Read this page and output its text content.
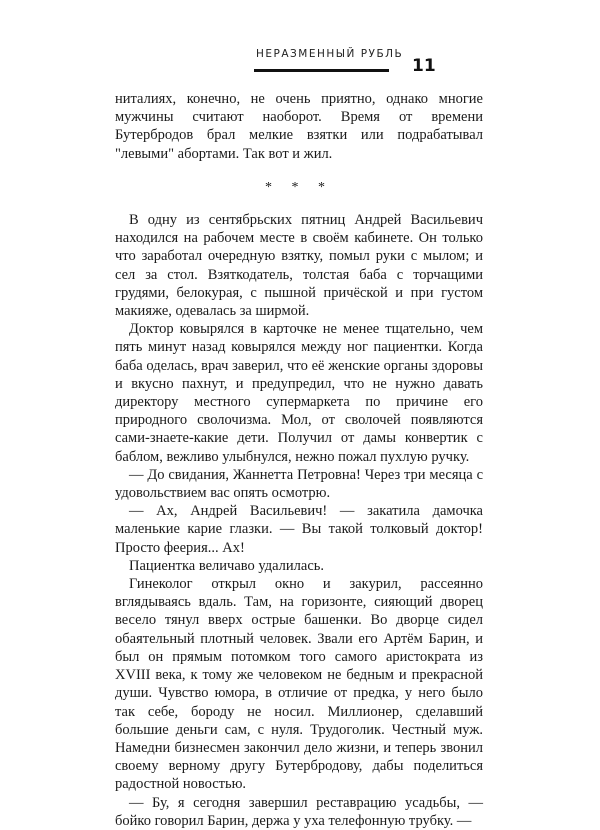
НЕРАЗМЕННЫЙ РУБЛЬ
11

ниталиях, конечно, не очень приятно, однако многие мужчины считают наоборот. Время от времени Бутербродов брал мелкие взятки или подрабатывал "левыми" абортами. Так вот и жил.

* * *

В одну из сентябрьских пятниц Андрей Васильевич находился на рабочем месте в своём кабинете. Он только что заработал очередную взятку, помыл руки с мылом; и сел за стол. Взяткодатель, толстая баба с торчащими грудями, белокурая, с пышной причёской и при густом макияже, одевалась за ширмой.

Доктор ковырялся в карточке не менее тщательно, чем пять минут назад ковырялся между ног пациентки. Когда баба оделась, врач заверил, что её женские органы здоровы и вкусно пахнут, и предупредил, что не нужно давать директору местного супермаркета по причине его природного сволочизма. Мол, от сволочей появляются сами-знаете-какие дети. Получил от дамы конвертик с баблом, вежливо улыбнулся, нежно пожал пухлую ручку.

— До свидания, Жаннетта Петровна! Через три месяца с удовольствием вас опять осмотрю.

— Ах, Андрей Васильевич! — закатила дамочка маленькие карие глазки. — Вы такой толковый доктор! Просто феерия... Ах!

Пациентка величаво удалилась.

Гинеколог открыл окно и закурил, рассеянно вглядываясь вдаль. Там, на горизонте, сияющий дворец весело тянул вверх острые башенки. Во дворце сидел обаятельный плотный человек. Звали его Артём Барин, и был он прямым потомком того самого аристократа из XVIII века, к тому же человеком не бедным и прекрасной души. Чувство юмора, в отличие от предка, у него было так себе, бороду не носил. Миллионер, сделавший большие деньги сам, с нуля. Трудоголик. Честный муж. Намедни бизнесмен закончил дело жизни, и теперь звонил своему верному другу Бутербродову, дабы поделиться радостной новостью.

— Бу, я сегодня завершил реставрацию усадьбы, — бойко говорил Барин, держа у уха телефонную трубку. —
